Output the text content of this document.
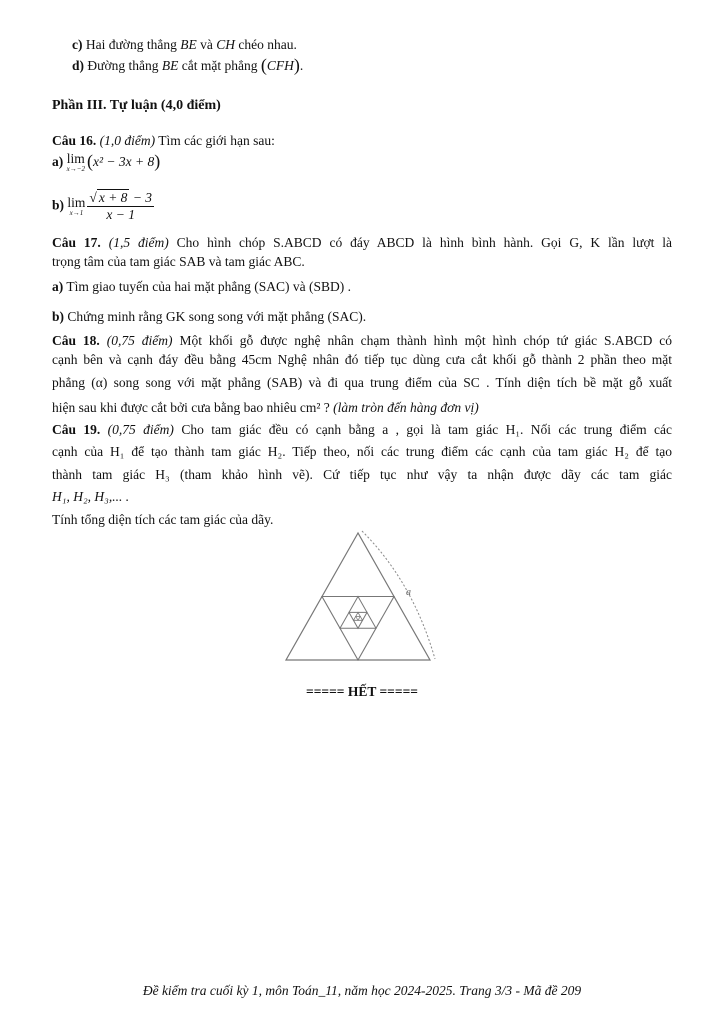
c) Hai đường thẳng BE và CH chéo nhau.
d) Đường thẳng BE cắt mặt phẳng (CFH).
Phần III. Tự luận (4,0 điểm)
Câu 16. (1,0 điểm) Tìm các giới hạn sau:
a) lim
x→−2 (x² − 3x + 8)
b) lim
$x\to 1 \frac{√ x + 8 - 3}{x - 1}$
Câu 17. (1,5 điểm) Cho hình chóp S.ABCD có đáy ABCD là hình bình hành. Gọi G, K lần lượt là
trọng tâm của tam giác SAB và tam giác ABC.
a) Tìm giao tuyến của hai mặt phẳng (SAC) và (SBD) .
b) Chứng minh rằng GK song song với mặt phẳng (SAC).
Câu 18. (0,75 điểm) Một khối gỗ được nghệ nhân chạm thành hình một hình chóp tứ giác S.ABCD có
cạnh bên và cạnh đáy đều bằng 45cm Nghệ nhân đó tiếp tục dùng cưa cắt khối gỗ thành 2 phần theo mặt
phẳng (α) song song với mặt phẳng (SAB) và đi qua trung điểm của SC . Tính diện tích bề mặt gỗ xuất
hiện sau khi được cắt bởi cưa bằng bao nhiêu cm² ? (làm tròn đến hàng đơn vị)
Câu 19. (0,75 điểm) Cho tam giác đều có cạnh bằng a , gọi là tam giác H₁. Nối các trung điểm các
cạnh của H₁ để tạo thành tam giác H₂. Tiếp theo, nối các trung điểm các cạnh của tam giác H₂ để tạo
thành tam giác H₃ (tham khảo hình vẽ). Cứ tiếp tục như vậy ta nhận được dãy các tam giác
H₁, H₂, H₃,... .
Tính tổng diện tích các tam giác của dãy.
a
===== HẾT =====
Đề kiểm tra cuối kỳ 1, môn Toán_11, năm học 2024-2025. Trang 3/3 - Mã đề 209
